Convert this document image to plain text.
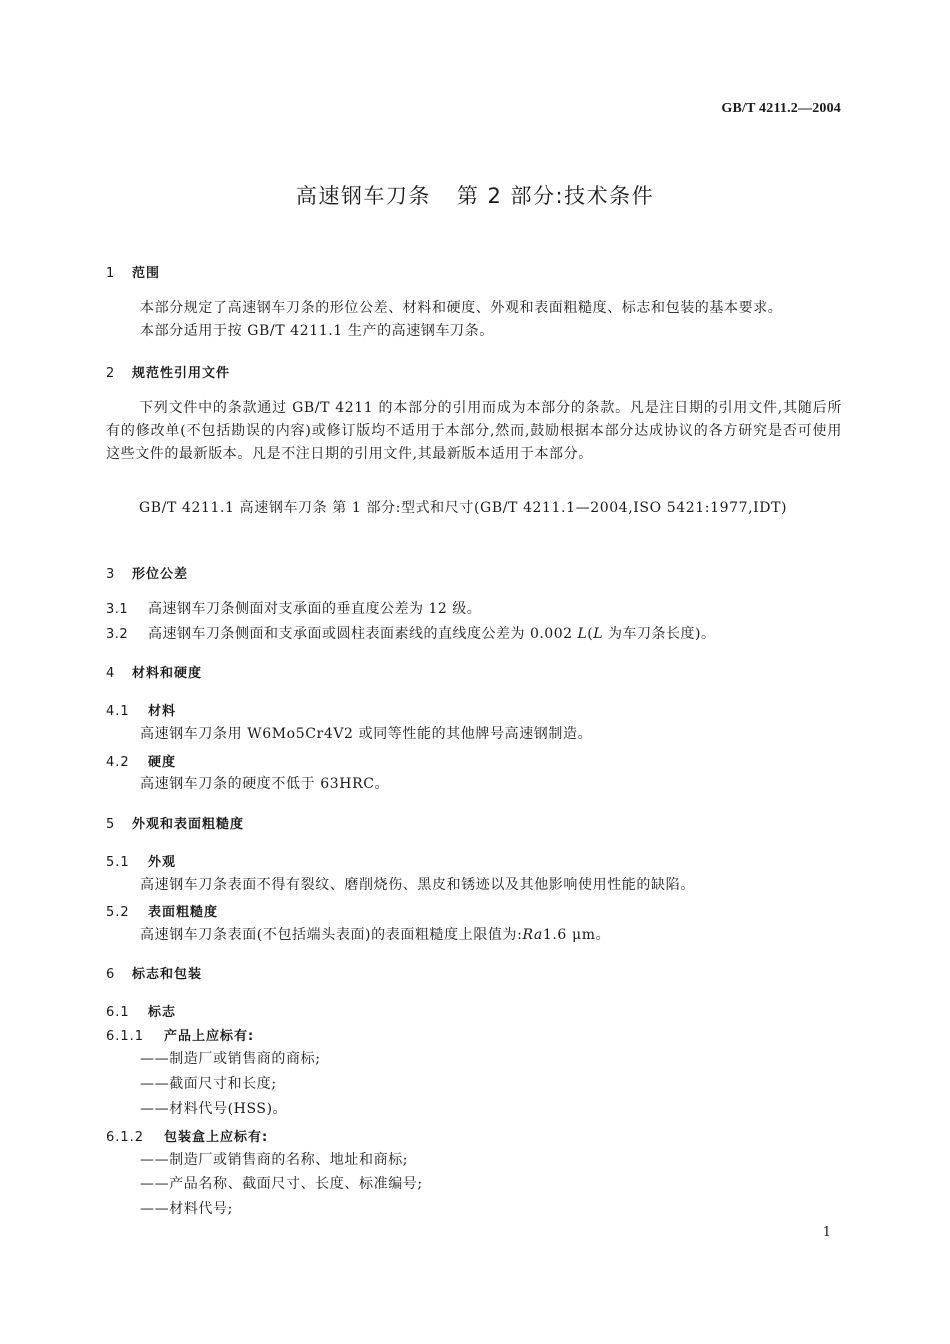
GB/T 4211.2—2004
高速钢车刀条 第 2 部分:技术条件
1 范围
本部分规定了高速钢车刀条的形位公差、材料和硬度、外观和表面粗糙度、标志和包装的基本要求。
本部分适用于按 GB/T 4211.1 生产的高速钢车刀条。
2 规范性引用文件
下列文件中的条款通过 GB/T 4211 的本部分的引用而成为本部分的条款。凡是注日期的引用文件,其随后所有的修改单(不包括勘误的内容)或修订版均不适用于本部分,然而,鼓励根据本部分达成协议的各方研究是否可使用这些文件的最新版本。凡是不注日期的引用文件,其最新版本适用于本部分。
GB/T 4211.1 高速钢车刀条 第 1 部分:型式和尺寸(GB/T 4211.1—2004,ISO 5421:1977,IDT)
3 形位公差
3.1 高速钢车刀条侧面对支承面的垂直度公差为 12 级。
3.2 高速钢车刀条侧面和支承面或圆柱表面素线的直线度公差为 0.002 L(L 为车刀条长度)。
4 材料和硬度
4.1 材料
高速钢车刀条用 W6Mo5Cr4V2 或同等性能的其他牌号高速钢制造。
4.2 硬度
高速钢车刀条的硬度不低于 63HRC。
5 外观和表面粗糙度
5.1 外观
高速钢车刀条表面不得有裂纹、磨削烧伤、黑皮和锈迹以及其他影响使用性能的缺陷。
5.2 表面粗糙度
高速钢车刀条表面(不包括端头表面)的表面粗糙度上限值为:Ra1.6 μm。
6 标志和包装
6.1 标志
6.1.1 产品上应标有:
——制造厂或销售商的商标;
——截面尺寸和长度;
——材料代号(HSS)。
6.1.2 包装盒上应标有:
——制造厂或销售商的名称、地址和商标;
——产品名称、截面尺寸、长度、标准编号;
——材料代号;
1
